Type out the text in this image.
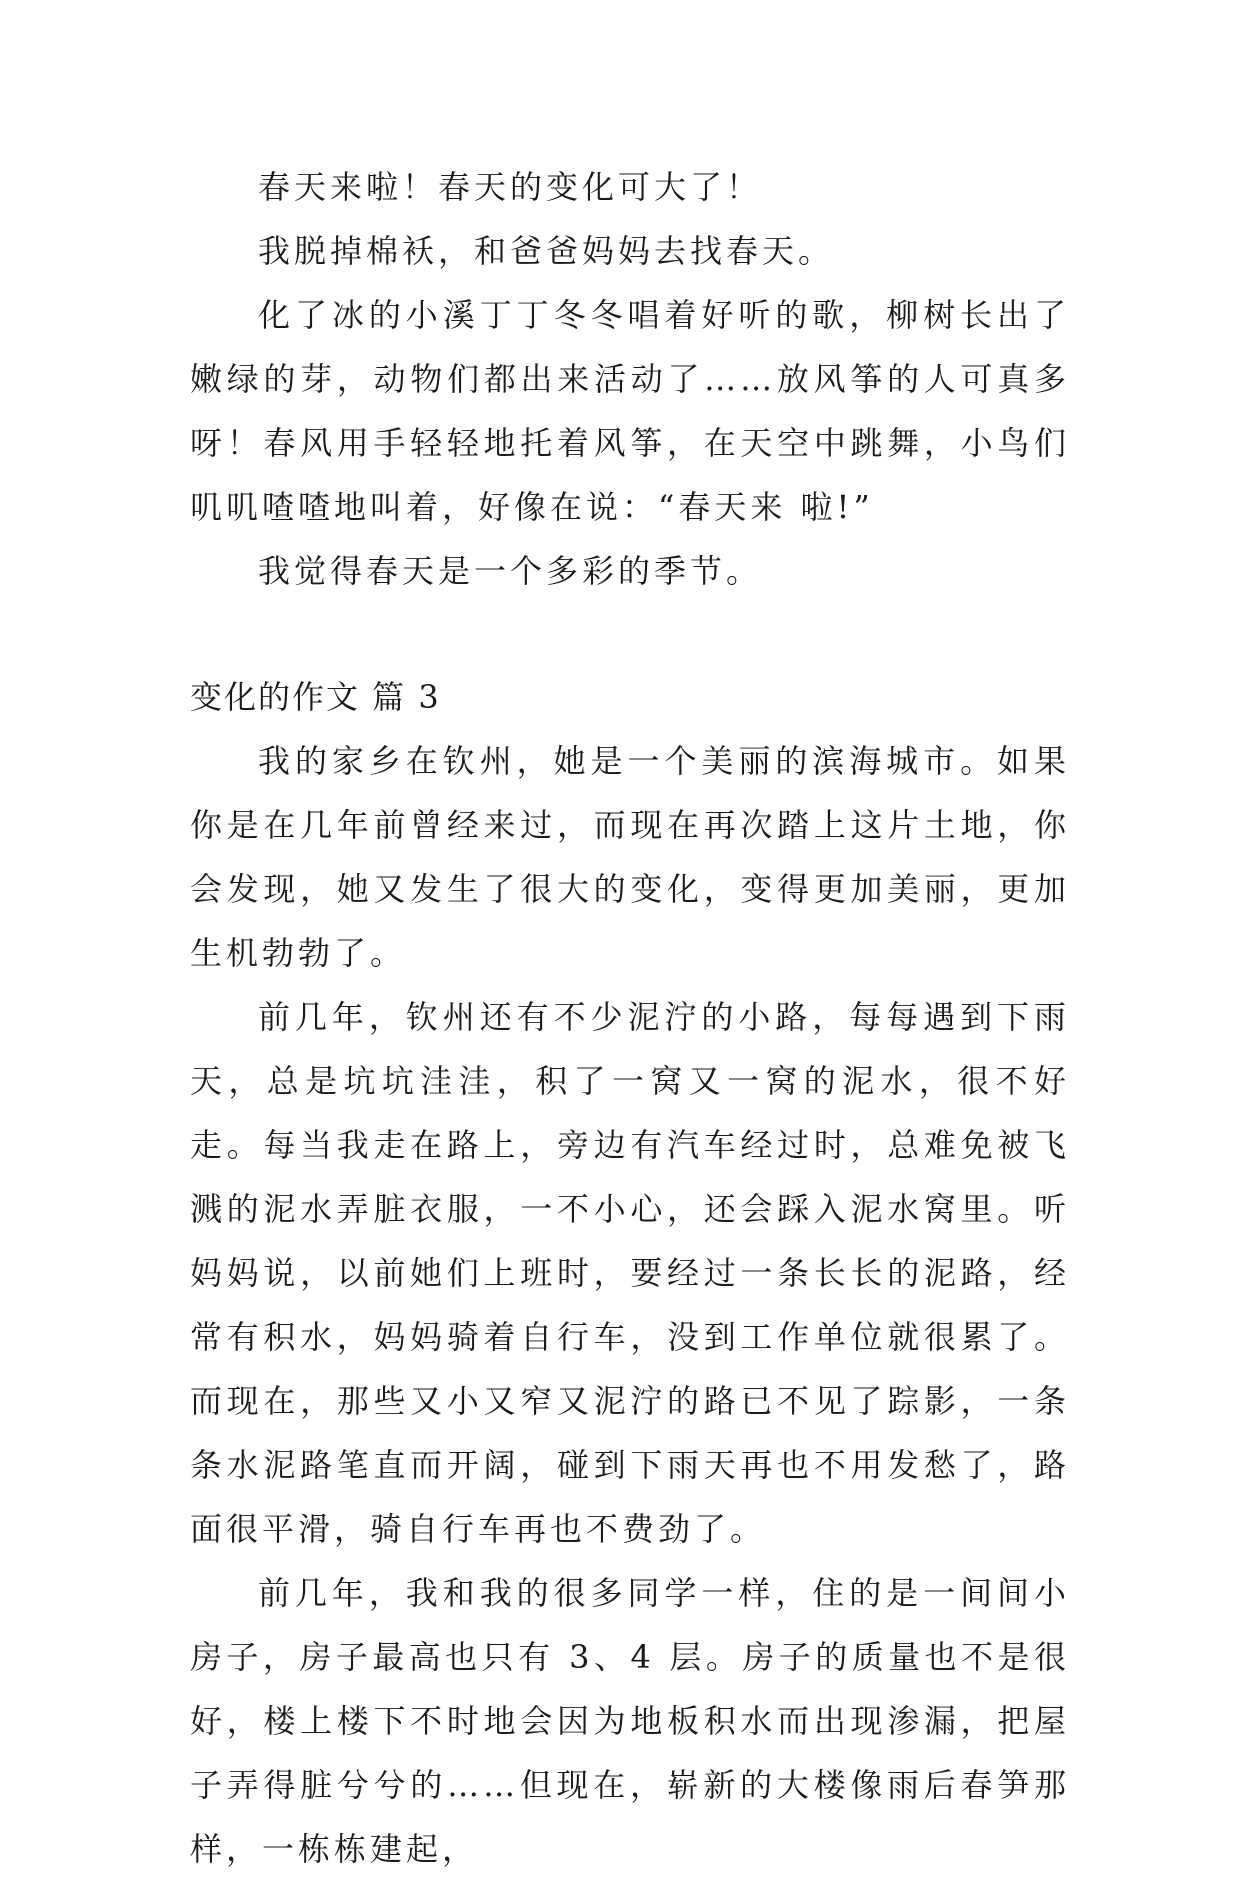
春天来啦！春天的变化可大了！

我脱掉棉袄，和爸爸妈妈去找春天。

化了冰的小溪丁丁冬冬唱着好听的歌，柳树长出了嫩绿的芽，动物们都出来活动了……放风筝的人可真多呀！春风用手轻轻地托着风筝，在天空中跳舞，小鸟们叽叽喳喳地叫着，好像在说：“春天来 啦!”

我觉得春天是一个多彩的季节。

变化的作文 篇 3

我的家乡在钦州，她是一个美丽的滨海城市。如果你是在几年前曾经来过，而现在再次踏上这片土地，你会发现，她又发生了很大的变化，变得更加美丽，更加生机勃勃了。

前几年，钦州还有不少泥泞的小路，每每遇到下雨天，总是坑坑洼洼，积了一窝又一窝的泥水，很不好走。每当我走在路上，旁边有汽车经过时，总难免被飞溅的泥水弄脏衣服，一不小心，还会踩入泥水窝里。听妈妈说，以前她们上班时，要经过一条长长的泥路，经常有积水，妈妈骑着自行车，没到工作单位就很累了。而现在，那些又小又窄又泥泞的路已不见了踪影，一条条水泥路笔直而开阔，碰到下雨天再也不用发愁了，路面很平滑，骑自行车再也不费劲了。

前几年，我和我的很多同学一样，住的是一间间小房子，房子最高也只有 3、4 层。房子的质量也不是很好，楼上楼下不时地会因为地板积水而出现渗漏，把屋子弄得脏兮兮的……但现在，崭新的大楼像雨后春笋那样，一栋栋建起，
